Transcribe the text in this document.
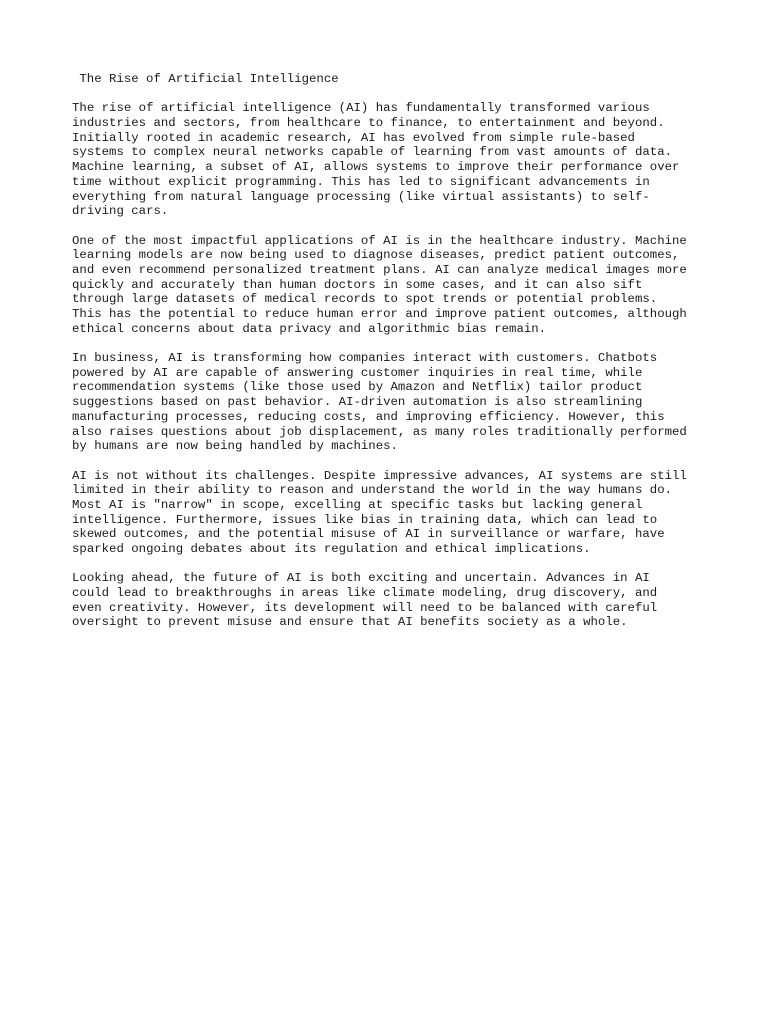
The Rise of Artificial Intelligence
The rise of artificial intelligence (AI) has fundamentally transformed various
industries and sectors, from healthcare to finance, to entertainment and beyond.
Initially rooted in academic research, AI has evolved from simple rule-based
systems to complex neural networks capable of learning from vast amounts of data.
Machine learning, a subset of AI, allows systems to improve their performance over
time without explicit programming. This has led to significant advancements in
everything from natural language processing (like virtual assistants) to self-
driving cars.
One of the most impactful applications of AI is in the healthcare industry. Machine
learning models are now being used to diagnose diseases, predict patient outcomes,
and even recommend personalized treatment plans. AI can analyze medical images more
quickly and accurately than human doctors in some cases, and it can also sift
through large datasets of medical records to spot trends or potential problems.
This has the potential to reduce human error and improve patient outcomes, although
ethical concerns about data privacy and algorithmic bias remain.
In business, AI is transforming how companies interact with customers. Chatbots
powered by AI are capable of answering customer inquiries in real time, while
recommendation systems (like those used by Amazon and Netflix) tailor product
suggestions based on past behavior. AI-driven automation is also streamlining
manufacturing processes, reducing costs, and improving efficiency. However, this
also raises questions about job displacement, as many roles traditionally performed
by humans are now being handled by machines.
AI is not without its challenges. Despite impressive advances, AI systems are still
limited in their ability to reason and understand the world in the way humans do.
Most AI is "narrow" in scope, excelling at specific tasks but lacking general
intelligence. Furthermore, issues like bias in training data, which can lead to
skewed outcomes, and the potential misuse of AI in surveillance or warfare, have
sparked ongoing debates about its regulation and ethical implications.
Looking ahead, the future of AI is both exciting and uncertain. Advances in AI
could lead to breakthroughs in areas like climate modeling, drug discovery, and
even creativity. However, its development will need to be balanced with careful
oversight to prevent misuse and ensure that AI benefits society as a whole.
